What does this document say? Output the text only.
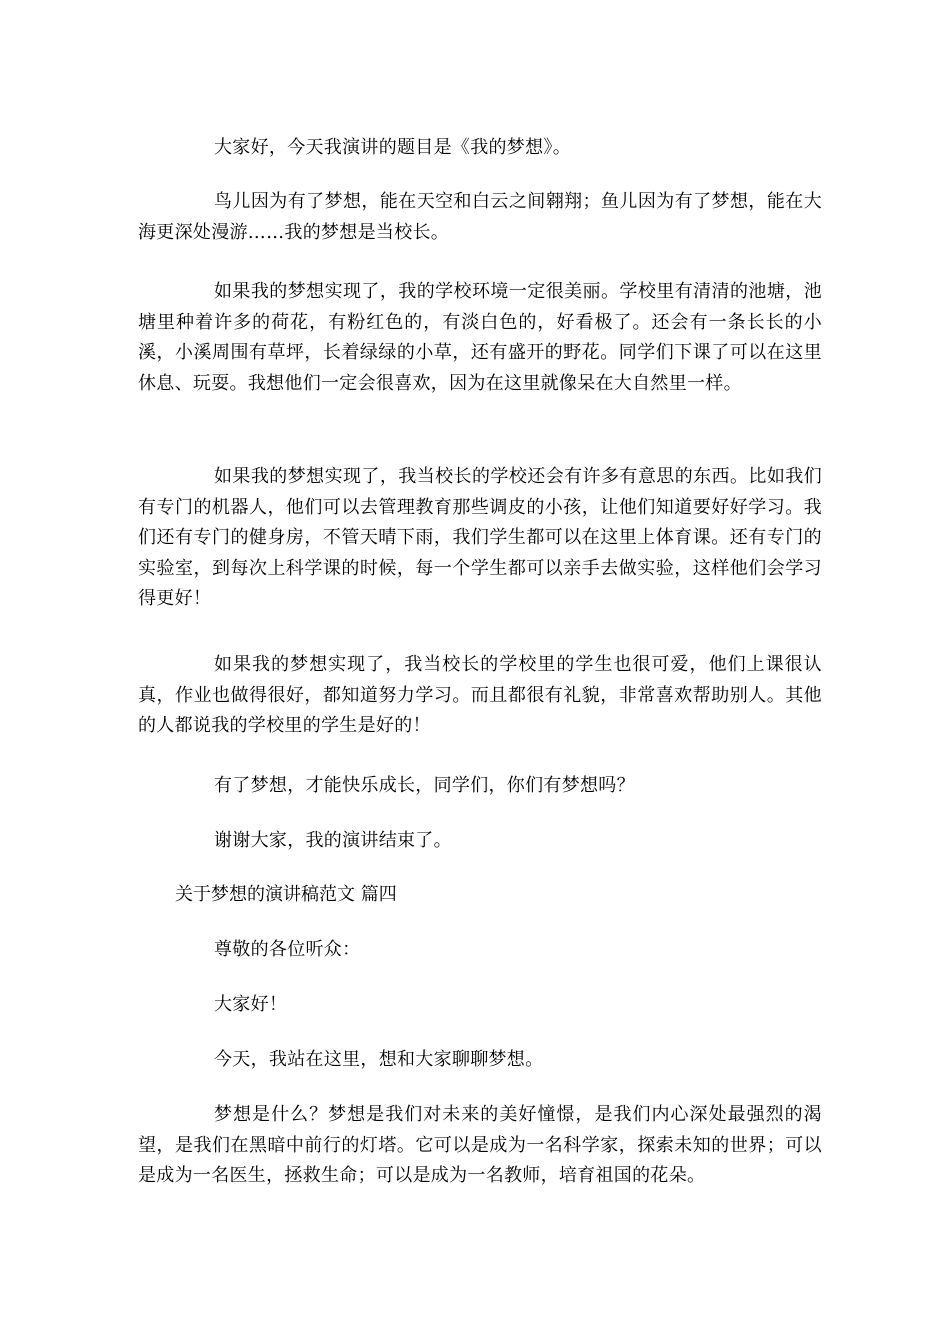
大家好，今天我演讲的题目是《我的梦想》。

鸟儿因为有了梦想，能在天空和白云之间翱翔；鱼儿因为有了梦想，能在大海更深处漫游……我的梦想是当校长。

如果我的梦想实现了，我的学校环境一定很美丽。学校里有清清的池塘，池塘里种着许多的荷花，有粉红色的，有淡白色的，好看极了。还会有一条长长的小溪，小溪周围有草坪，长着绿绿的小草，还有盛开的野花。同学们下课了可以在这里休息、玩耍。我想他们一定会很喜欢，因为在这里就像呆在大自然里一样。

如果我的梦想实现了，我当校长的学校还会有许多有意思的东西。比如我们有专门的机器人，他们可以去管理教育那些调皮的小孩，让他们知道要好好学习。我们还有专门的健身房，不管天晴下雨，我们学生都可以在这里上体育课。还有专门的实验室，到每次上科学课的时候，每一个学生都可以亲手去做实验，这样他们会学习得更好！

如果我的梦想实现了，我当校长的学校里的学生也很可爱，他们上课很认真，作业也做得很好，都知道努力学习。而且都很有礼貌，非常喜欢帮助别人。其他的人都说我的学校里的学生是好的！

有了梦想，才能快乐成长，同学们，你们有梦想吗？

谢谢大家，我的演讲结束了。

关于梦想的演讲稿范文 篇四

尊敬的各位听众：

大家好！

今天，我站在这里，想和大家聊聊梦想。

梦想是什么？梦想是我们对未来的美好憧憬，是我们内心深处最强烈的渴望，是我们在黑暗中前行的灯塔。它可以是成为一名科学家，探索未知的世界；可以是成为一名医生，拯救生命；可以是成为一名教师，培育祖国的花朵。
